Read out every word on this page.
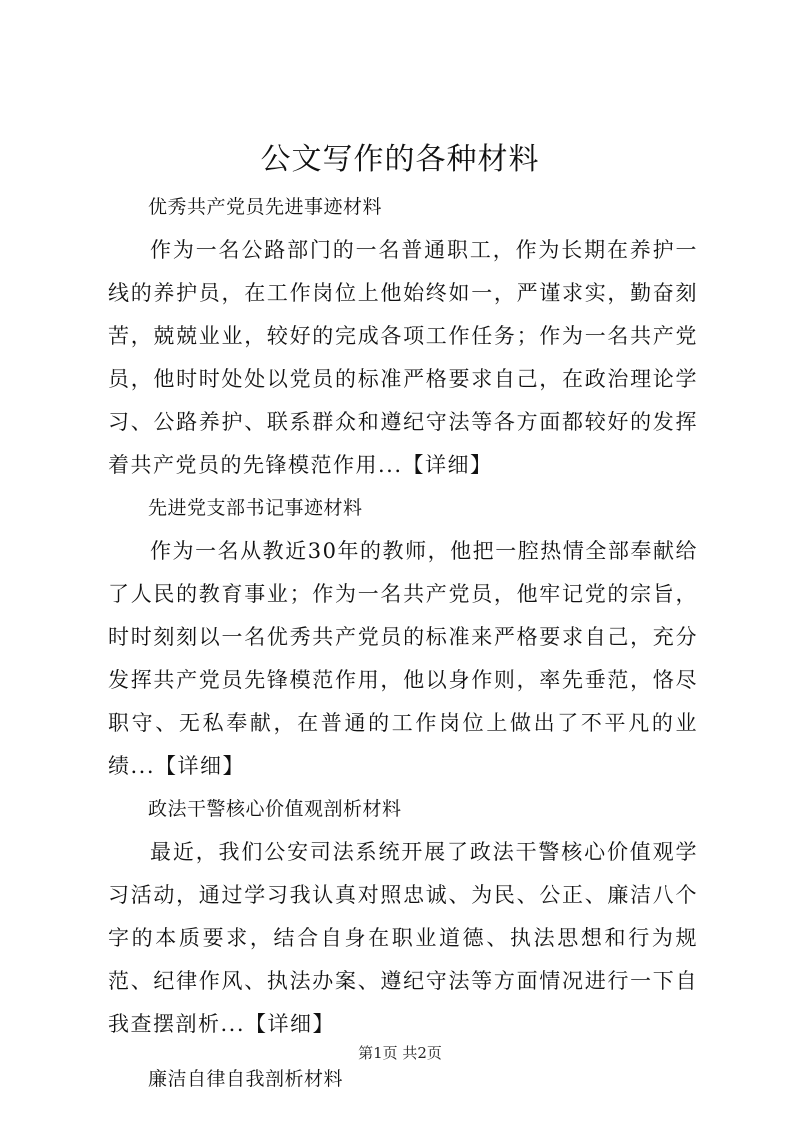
公文写作的各种材料

优秀共产党员先进事迹材料

作为一名公路部门的一名普通职工，作为长期在养护一线的养护员，在工作岗位上他始终如一，严谨求实，勤奋刻苦，兢兢业业，较好的完成各项工作任务；作为一名共产党员，他时时处处以党员的标准严格要求自己，在政治理论学习、公路养护、联系群众和遵纪守法等各方面都较好的发挥着共产党员的先锋模范作用...【详细】

先进党支部书记事迹材料

作为一名从教近30年的教师，他把一腔热情全部奉献给了人民的教育事业；作为一名共产党员，他牢记党的宗旨，时时刻刻以一名优秀共产党员的标准来严格要求自己，充分发挥共产党员先锋模范作用，他以身作则，率先垂范，恪尽职守、无私奉献，在普通的工作岗位上做出了不平凡的业绩...【详细】

政法干警核心价值观剖析材料

最近，我们公安司法系统开展了政法干警核心价值观学习活动，通过学习我认真对照忠诚、为民、公正、廉洁八个字的本质要求，结合自身在职业道德、执法思想和行为规范、纪律作风、执法办案、遵纪守法等方面情况进行一下自我查摆剖析...【详细】

廉洁自律自我剖析材料

第1页 共2页
